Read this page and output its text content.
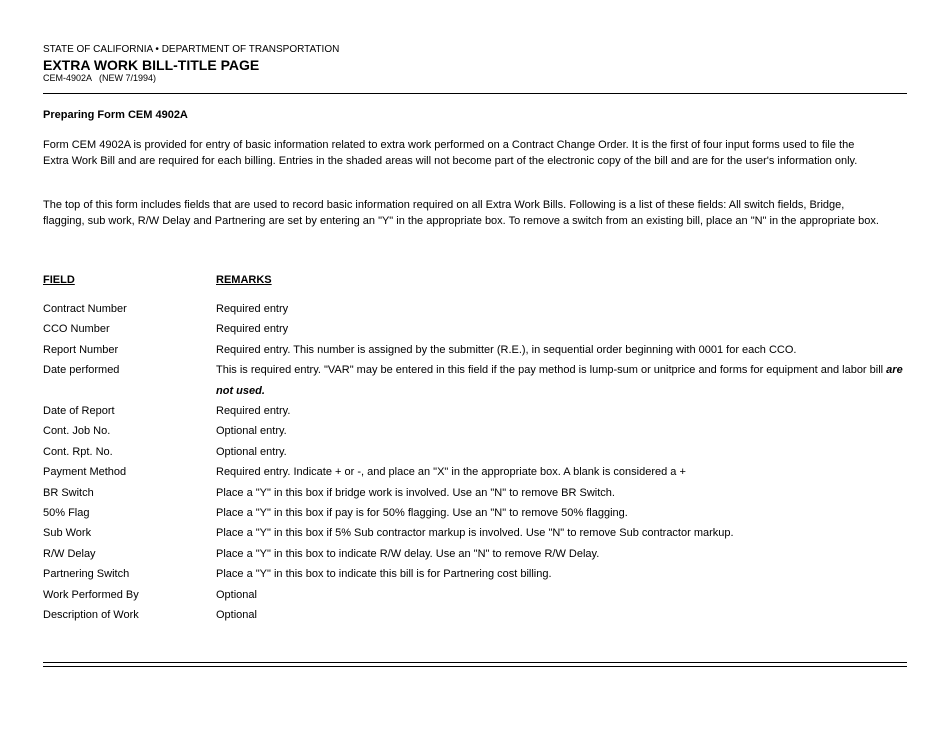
STATE OF CALIFORNIA • DEPARTMENT OF TRANSPORTATION
EXTRA WORK BILL-TITLE PAGE
CEM-4902A   (NEW 7/1994)
Preparing Form CEM 4902A

Form CEM 4902A is provided for entry of basic information related to extra work performed on a Contract Change Order. It is the first of four input forms used to file the Extra Work Bill and are required for each billing. Entries in the shaded areas will not become part of the electronic copy of the bill and are for the user's information only.

The top of this form includes fields that are used to record basic information required on all Extra Work Bills. Following is a list of these fields: All switch fields, Bridge, flagging, sub work, R/W Delay and Partnering are set by entering an "Y" in the appropriate box. To remove a switch from an existing bill, place an "N" in the appropriate box.

FIELD	REMARKS
Contract Number	Required entry
CCO Number	Required entry
Report Number	Required entry. This number is assigned by the submitter (R.E.), in sequential order beginning with 0001 for each CCO.
Date performed	This is required entry. "VAR" may be entered in this field if the pay method is lump-sum or unitprice and forms for equipment and labor bill are not used.
Date of Report	Required entry.
Cont. Job No.	Optional entry.
Cont. Rpt. No.	Optional entry.
Payment Method	Required entry. Indicate + or -, and place an "X" in the appropriate box. A blank is considered a +
BR Switch	Place a "Y" in this box if bridge work is involved. Use an "N" to remove BR Switch.
50% Flag	Place a "Y" in this box if pay is for 50% flagging. Use an "N" to remove 50% flagging.
Sub Work	Place a "Y" in this box if 5% Sub contractor markup is involved. Use "N" to remove Sub contractor markup.
R/W Delay	Place a "Y" in this box to indicate R/W delay. Use an "N" to remove R/W Delay.
Partnering Switch	Place a "Y" in this box to indicate this bill is for Partnering cost billing.
Work Performed By	Optional
Description of Work	Optional
